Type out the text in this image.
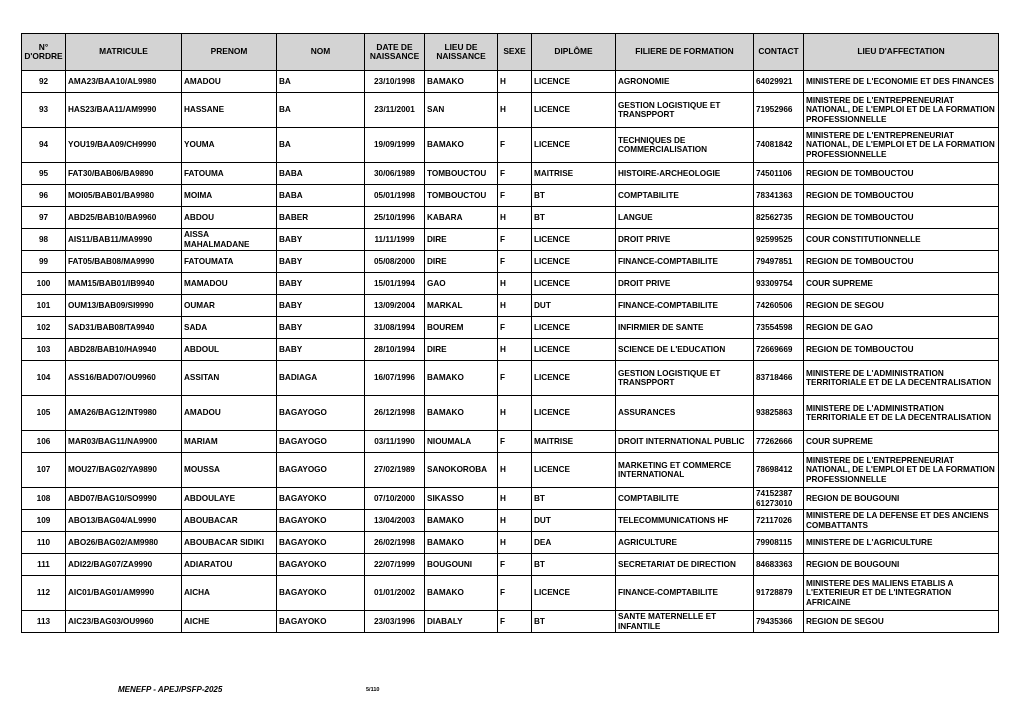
N° D'ORDRE	MATRICULE	PRENOM	NOM	DATE DE NAISSANCE	LIEU DE NAISSANCE	SEXE	DIPLÔME	FILIERE DE FORMATION	CONTACT	LIEU D'AFFECTATION
92	AMA23/BAA10/AL9980	AMADOU	BA	23/10/1998	BAMAKO	H	LICENCE	AGRONOMIE	64029921	MINISTERE DE L'ECONOMIE ET DES FINANCES
93	HAS23/BAA11/AM9990	HASSANE	BA	23/11/2001	SAN	H	LICENCE	GESTION LOGISTIQUE ET TRANSPPORT	71952966	MINISTERE DE L'ENTREPRENEURIAT NATIONAL, DE L'EMPLOI ET DE LA FORMATION PROFESSIONNELLE
94	YOU19/BAA09/CH9990	YOUMA	BA	19/09/1999	BAMAKO	F	LICENCE	TECHNIQUES DE COMMERCIALISATION	74081842	MINISTERE DE L'ENTREPRENEURIAT NATIONAL, DE L'EMPLOI ET DE LA FORMATION PROFESSIONNELLE
95	FAT30/BAB06/BA9890	FATOUMA	BABA	30/06/1989	TOMBOUCTOU	F	MAITRISE	HISTOIRE-ARCHEOLOGIE	74501106	REGION DE TOMBOUCTOU
96	MOI05/BAB01/BA9980	MOIMA	BABA	05/01/1998	TOMBOUCTOU	F	BT	COMPTABILITE	78341363	REGION DE TOMBOUCTOU
97	ABD25/BAB10/BA9960	ABDOU	BABER	25/10/1996	KABARA	H	BT	LANGUE	82562735	REGION DE TOMBOUCTOU
98	AIS11/BAB11/MA9990	AISSA MAHALMADANE	BABY	11/11/1999	DIRE	F	LICENCE	DROIT PRIVE	92599525	COUR CONSTITUTIONNELLE
99	FAT05/BAB08/MA9990	FATOUMATA	BABY	05/08/2000	DIRE	F	LICENCE	FINANCE-COMPTABILITE	79497851	REGION DE TOMBOUCTOU
100	MAM15/BAB01/IB9940	MAMADOU	BABY	15/01/1994	GAO	H	LICENCE	DROIT PRIVE	93309754	COUR SUPREME
101	OUM13/BAB09/SI9990	OUMAR	BABY	13/09/2004	MARKAL	H	DUT	FINANCE-COMPTABILITE	74260506	REGION DE SEGOU
102	SAD31/BAB08/TA9940	SADA	BABY	31/08/1994	BOUREM	F	LICENCE	INFIRMIER DE SANTE	73554598	REGION DE GAO
103	ABD28/BAB10/HA9940	ABDOUL	BABY	28/10/1994	DIRE	H	LICENCE	SCIENCE DE L'EDUCATION	72669669	REGION DE TOMBOUCTOU
104	ASS16/BAD07/OU9960	ASSITAN	BADIAGA	16/07/1996	BAMAKO	F	LICENCE	GESTION LOGISTIQUE ET TRANSPPORT	83718466	MINISTERE DE L'ADMINISTRATION TERRITORIALE ET DE LA DECENTRALISATION
105	AMA26/BAG12/NT9980	AMADOU	BAGAYOGO	26/12/1998	BAMAKO	H	LICENCE	ASSURANCES	93825863	MINISTERE DE L'ADMINISTRATION TERRITORIALE ET DE LA DECENTRALISATION
106	MAR03/BAG11/NA9900	MARIAM	BAGAYOGO	03/11/1990	NIOUMALA	F	MAITRISE	DROIT INTERNATIONAL PUBLIC	77262666	COUR SUPREME
107	MOU27/BAG02/YA9890	MOUSSA	BAGAYOGO	27/02/1989	SANOKOROBA	H	LICENCE	MARKETING ET COMMERCE INTERNATIONAL	78698412	MINISTERE DE L'ENTREPRENEURIAT NATIONAL, DE L'EMPLOI ET DE LA FORMATION PROFESSIONNELLE
108	ABD07/BAG10/SO9990	ABDOULAYE	BAGAYOKO	07/10/2000	SIKASSO	H	BT	COMPTABILITE	74152387 61273010	REGION DE BOUGOUNI
109	ABO13/BAG04/AL9990	ABOUBACAR	BAGAYOKO	13/04/2003	BAMAKO	H	DUT	TELECOMMUNICATIONS HF	72117026	MINISTERE DE LA DEFENSE ET DES ANCIENS COMBATTANTS
110	ABO26/BAG02/AM9980	ABOUBACAR SIDIKI	BAGAYOKO	26/02/1998	BAMAKO	H	DEA	AGRICULTURE	79908115	MINISTERE DE L'AGRICULTURE
111	ADI22/BAG07/ZA9990	ADIARATOU	BAGAYOKO	22/07/1999	BOUGOUNI	F	BT	SECRETARIAT DE DIRECTION	84683363	REGION DE BOUGOUNI
112	AIC01/BAG01/AM9990	AICHA	BAGAYOKO	01/01/2002	BAMAKO	F	LICENCE	FINANCE-COMPTABILITE	91728879	MINISTERE DES MALIENS ETABLIS A L'EXTERIEUR ET DE L'INTEGRATION AFRICAINE
113	AIC23/BAG03/OU9960	AICHE	BAGAYOKO	23/03/1996	DIABALY	F	BT	SANTE MATERNELLE ET INFANTILE	79435366	REGION DE SEGOU
MENEFP - APEJ/PSFP-2025	5/110
